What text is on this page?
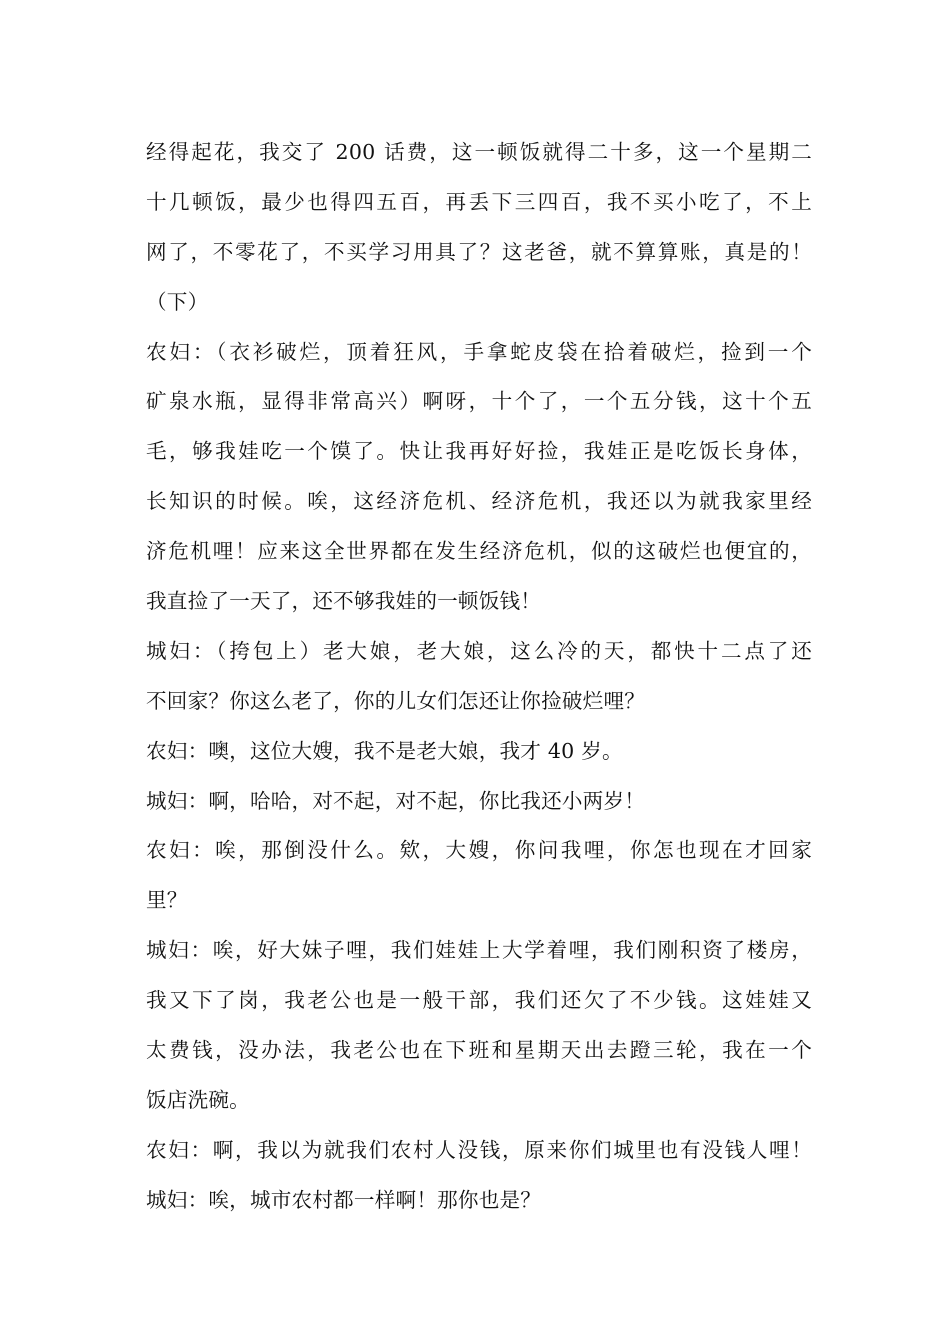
经得起花，我交了 200 话费，这一顿饭就得二十多，这一个星期二
十几顿饭，最少也得四五百，再丢下三四百，我不买小吃了，不上
网了，不零花了，不买学习用具了？这老爸，就不算算账，真是的！
（下）
农妇：（衣衫破烂，顶着狂风，手拿蛇皮袋在拾着破烂，捡到一个
矿泉水瓶，显得非常高兴）啊呀，十个了，一个五分钱，这十个五
毛，够我娃吃一个馍了。快让我再好好捡，我娃正是吃饭长身体，
长知识的时候。唉，这经济危机、经济危机，我还以为就我家里经
济危机哩！应来这全世界都在发生经济危机，似的这破烂也便宜的，
我直捡了一天了，还不够我娃的一顿饭钱！
城妇：（挎包上）老大娘，老大娘，这么冷的天，都快十二点了还
不回家？你这么老了，你的儿女们怎还让你捡破烂哩？
农妇：噢，这位大嫂，我不是老大娘，我才 40 岁。
城妇：啊，哈哈，对不起，对不起，你比我还小两岁！
农妇：唉，那倒没什么。欸，大嫂，你问我哩，你怎也现在才回家
里？
城妇：唉，好大妹子哩，我们娃娃上大学着哩，我们刚积资了楼房，
我又下了岗，我老公也是一般干部，我们还欠了不少钱。这娃娃又
太费钱，没办法，我老公也在下班和星期天出去蹬三轮，我在一个
饭店洗碗。
农妇：啊，我以为就我们农村人没钱，原来你们城里也有没钱人哩！
城妇：唉，城市农村都一样啊！那你也是？
